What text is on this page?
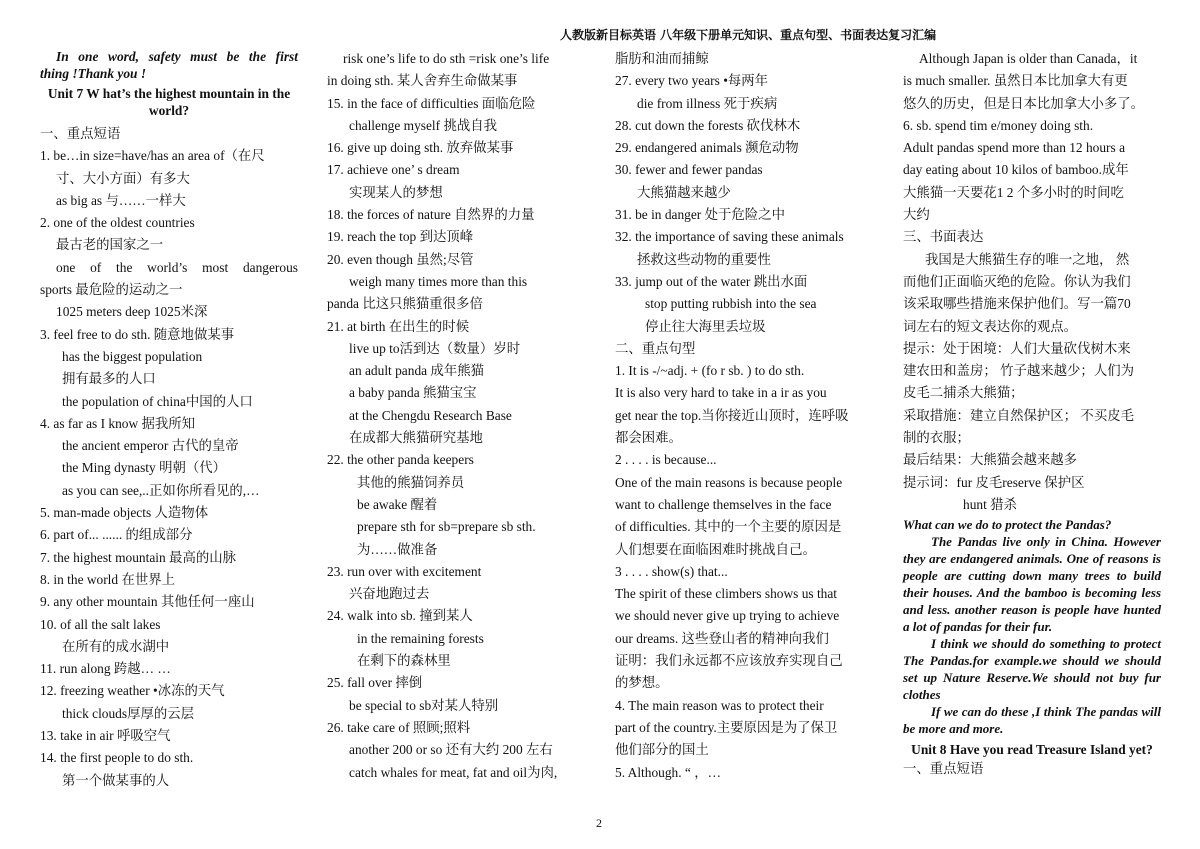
人教版新目标英语 八年级下册单元知识、重点句型、书面表达复习汇编
In one word, safety must be the first
thing !Thank you !
Unit 7 W hat’s the highest mountain in the
world?
一、重点短语
1. be…in size=have/has an area of（在尺
寸、大小方面）有多大
as big as 与……一样大
2. one of the oldest countries
最古老的国家之一
one of the world’s most dangerous
sports 最危险的运动之一
1025 meters deep 1025米深
3. feel free to do sth. 随意地做某事
has the biggest population
拥有最多的人口
the population of china中国的人口
4. as far as I know 据我所知
the ancient emperor 古代的皇帝
the Ming dynasty 明朝（代）
as you can see,..正如你所看见的,…
5. man-made objects 人造物体
6. part of... ...... 的组成部分
7. the highest mountain 最高的山脉
8. in the world 在世界上
9. any other mountain 其他任何一座山
10. of all the salt lakes
在所有的成水湖中
11. run along 跨越… …
12. freezing weather •冰冻的天气
thick clouds厚厚的云层
13. take in air 呼吸空气
14. the first people to do sth.
第一个做某事的人
risk one’s life to do sth =risk one’s life
in doing sth. 某人舍弃生命做某事
15. in the face of difficulties 面临危险
challenge myself 挑战自我
16. give up doing sth. 放弃做某事
17. achieve one’ s dream
实现某人的梦想
18. the forces of nature 自然界的力量
19. reach the top 到达顶峰
20. even though 虽然;尽管
weigh many times more than this
panda 比这只熊猫重很多倍
21. at birth 在出生的时候
live up to活到达（数量）岁时
an adult panda 成年熊猫
a baby panda 熊猫宝宝
at the Chengdu Research Base
在成都大熊猫研究基地
22. the other panda keepers
其他的熊猫饲养员
be awake 醒着
prepare sth for sb=prepare sb sth.
为……做准备
23. run over with excitement
兴奋地跑过去
24. walk into sb. 撞到某人
in the remaining forests
在剩下的森林里
25. fall over 摔倒
be special to sb对某人特别
26. take care of 照顾;照料
another 200 or so 还有大约 200 左右
catch whales for meat, fat and oil为肉,
脂肪和油而捕鲸
27. every two years •每两年
die from illness 死于疾病
28. cut down the forests 砍伐林木
29. endangered animals 濒危动物
30. fewer and fewer pandas
大熊猫越来越少
31. be in danger 处于危险之中
32. the importance of saving these animals
拯救这些动物的重要性
33. jump out of the water 跳出水面
stop putting rubbish into the sea
停止往大海里丢垃圾
二、重点句型
1. It is -/~adj. + (fo r sb. ) to do sth.
It is also very hard to take in a ir as you
get near the top.当你接近山顶时，连呼吸
都会困难。
2 . . . . is because...
One of the main reasons is because people
want to challenge themselves in the face
of difficulties. 其中的一个主要的原因是
人们想要在面临困难时挑战自己。
3 . . . . show(s) that...
The spirit of these climbers shows us that
we should never give up trying to achieve
our dreams. 这些登山者的精神向我们
证明：我们永远都不应该放弃实现自己
的梦想。
4. The main reason was to protect their
part of the country.主要原因是为了保卫
他们部分的国土
5. Although. “ ，…
Although Japan is older than Canada，it
is much smaller. 虽然日本比加拿大有更
悠久的历史，但是日本比加拿大小多了。
6. sb. spend tim e/money doing sth.
Adult pandas spend more than 12 hours a
day eating about 10 kilos of bamboo.成年
大熊猫一天要花1 2 个多小时的时间吃
大约
三、书面表达
我国是大熊猫生存的唯一之地， 然
而他们正面临灭绝的危险。你认为我们
该采取哪些措施来保护他们。写一篇70
词左右的短文表达你的观点。
提示：处于困境：人们大量砍伐树木来
建农田和盖房； 竹子越来越少；人们为
皮毛二捕杀大熊猫；
采取措施：建立自然保护区； 不买皮毛
制的衣服；
最后结果：大熊猫会越来越多
提示词：fur 皮毛reserve 保护区
hunt 猎杀
What can we do to protect the Pandas?
The Pandas live only in China. However they are endangered animals. One of reasons is people are cutting down many trees to build their houses. And the bamboo is becoming less and less. another reason is people have hunted a lot of pandas for their fur.
I think we should do something to protect The Pandas.for example.we should we should set up Nature Reserve.We should not buy fur clothes
If we can do these ,I think The pandas will be more and more.
Unit 8 Have you read Treasure Island yet?
一、重点短语
2
